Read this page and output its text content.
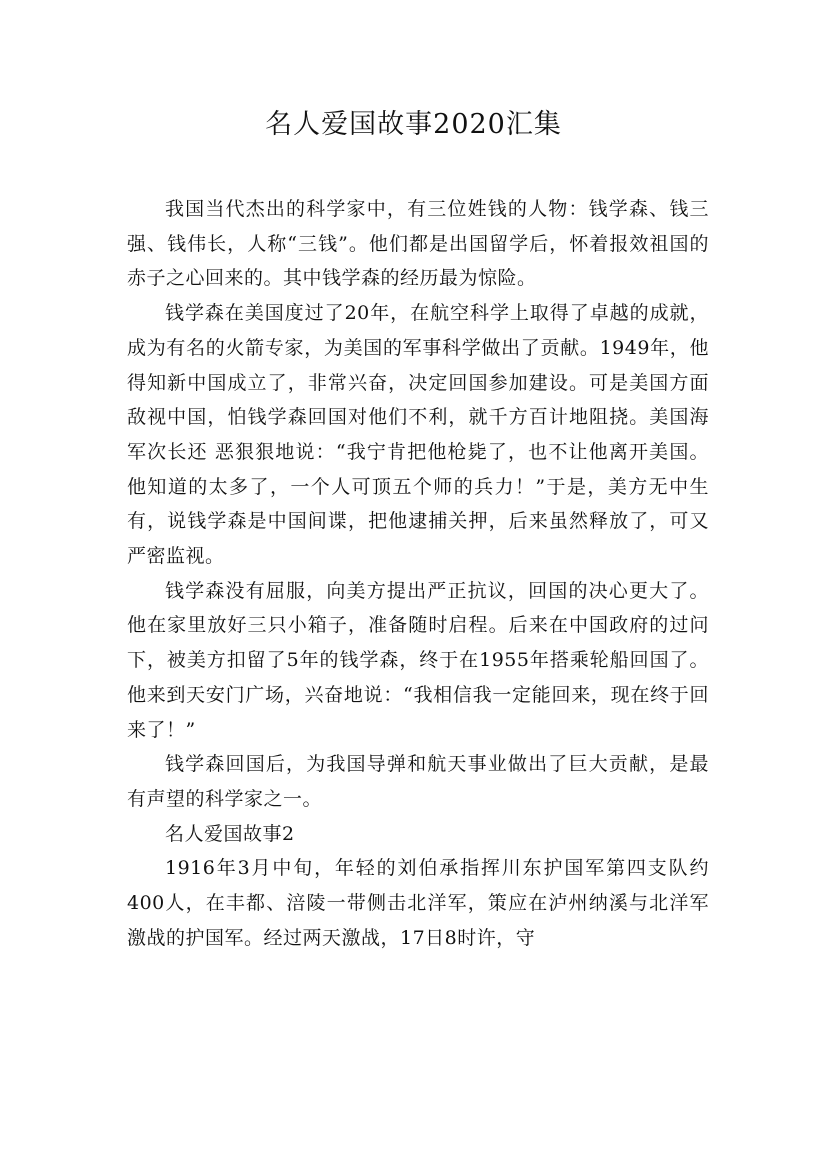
名人爱国故事2020汇集

我国当代杰出的科学家中，有三位姓钱的人物：钱学森、钱三强、钱伟长，人称“三钱”。他们都是出国留学后，怀着报效祖国的赤子之心回来的。其中钱学森的经历最为惊险。

钱学森在美国度过了20年，在航空科学上取得了卓越的成就，成为有名的火箭专家，为美国的军事科学做出了贡献。1949年，他得知新中国成立了，非常兴奋，决定回国参加建设。可是美国方面敌视中国，怕钱学森回国对他们不利，就千方百计地阻挠。美国海军次长还 恶狠狠地说：“我宁肯把他枪毙了，也不让他离开美国。他知道的太多了，一个人可顶五个师的兵力！”于是，美方无中生有，说钱学森是中国间谍，把他逮捕关押，后来虽然释放了，可又严密监视。

钱学森没有屈服，向美方提出严正抗议，回国的决心更大了。他在家里放好三只小箱子，准备随时启程。后来在中国政府的过问下，被美方扣留了5年的钱学森，终于在1955年搭乘轮船回国了。他来到天安门广场，兴奋地说：“我相信我一定能回来，现在终于回来了！”

钱学森回国后，为我国导弹和航天事业做出了巨大贡献，是最有声望的科学家之一。

名人爱国故事2

1916年3月中旬，年轻的刘伯承指挥川东护国军第四支队约400人，在丰都、涪陵一带侧击北洋军，策应在泸州纳溪与北洋军激战的护国军。经过两天激战，17日8时许，守
